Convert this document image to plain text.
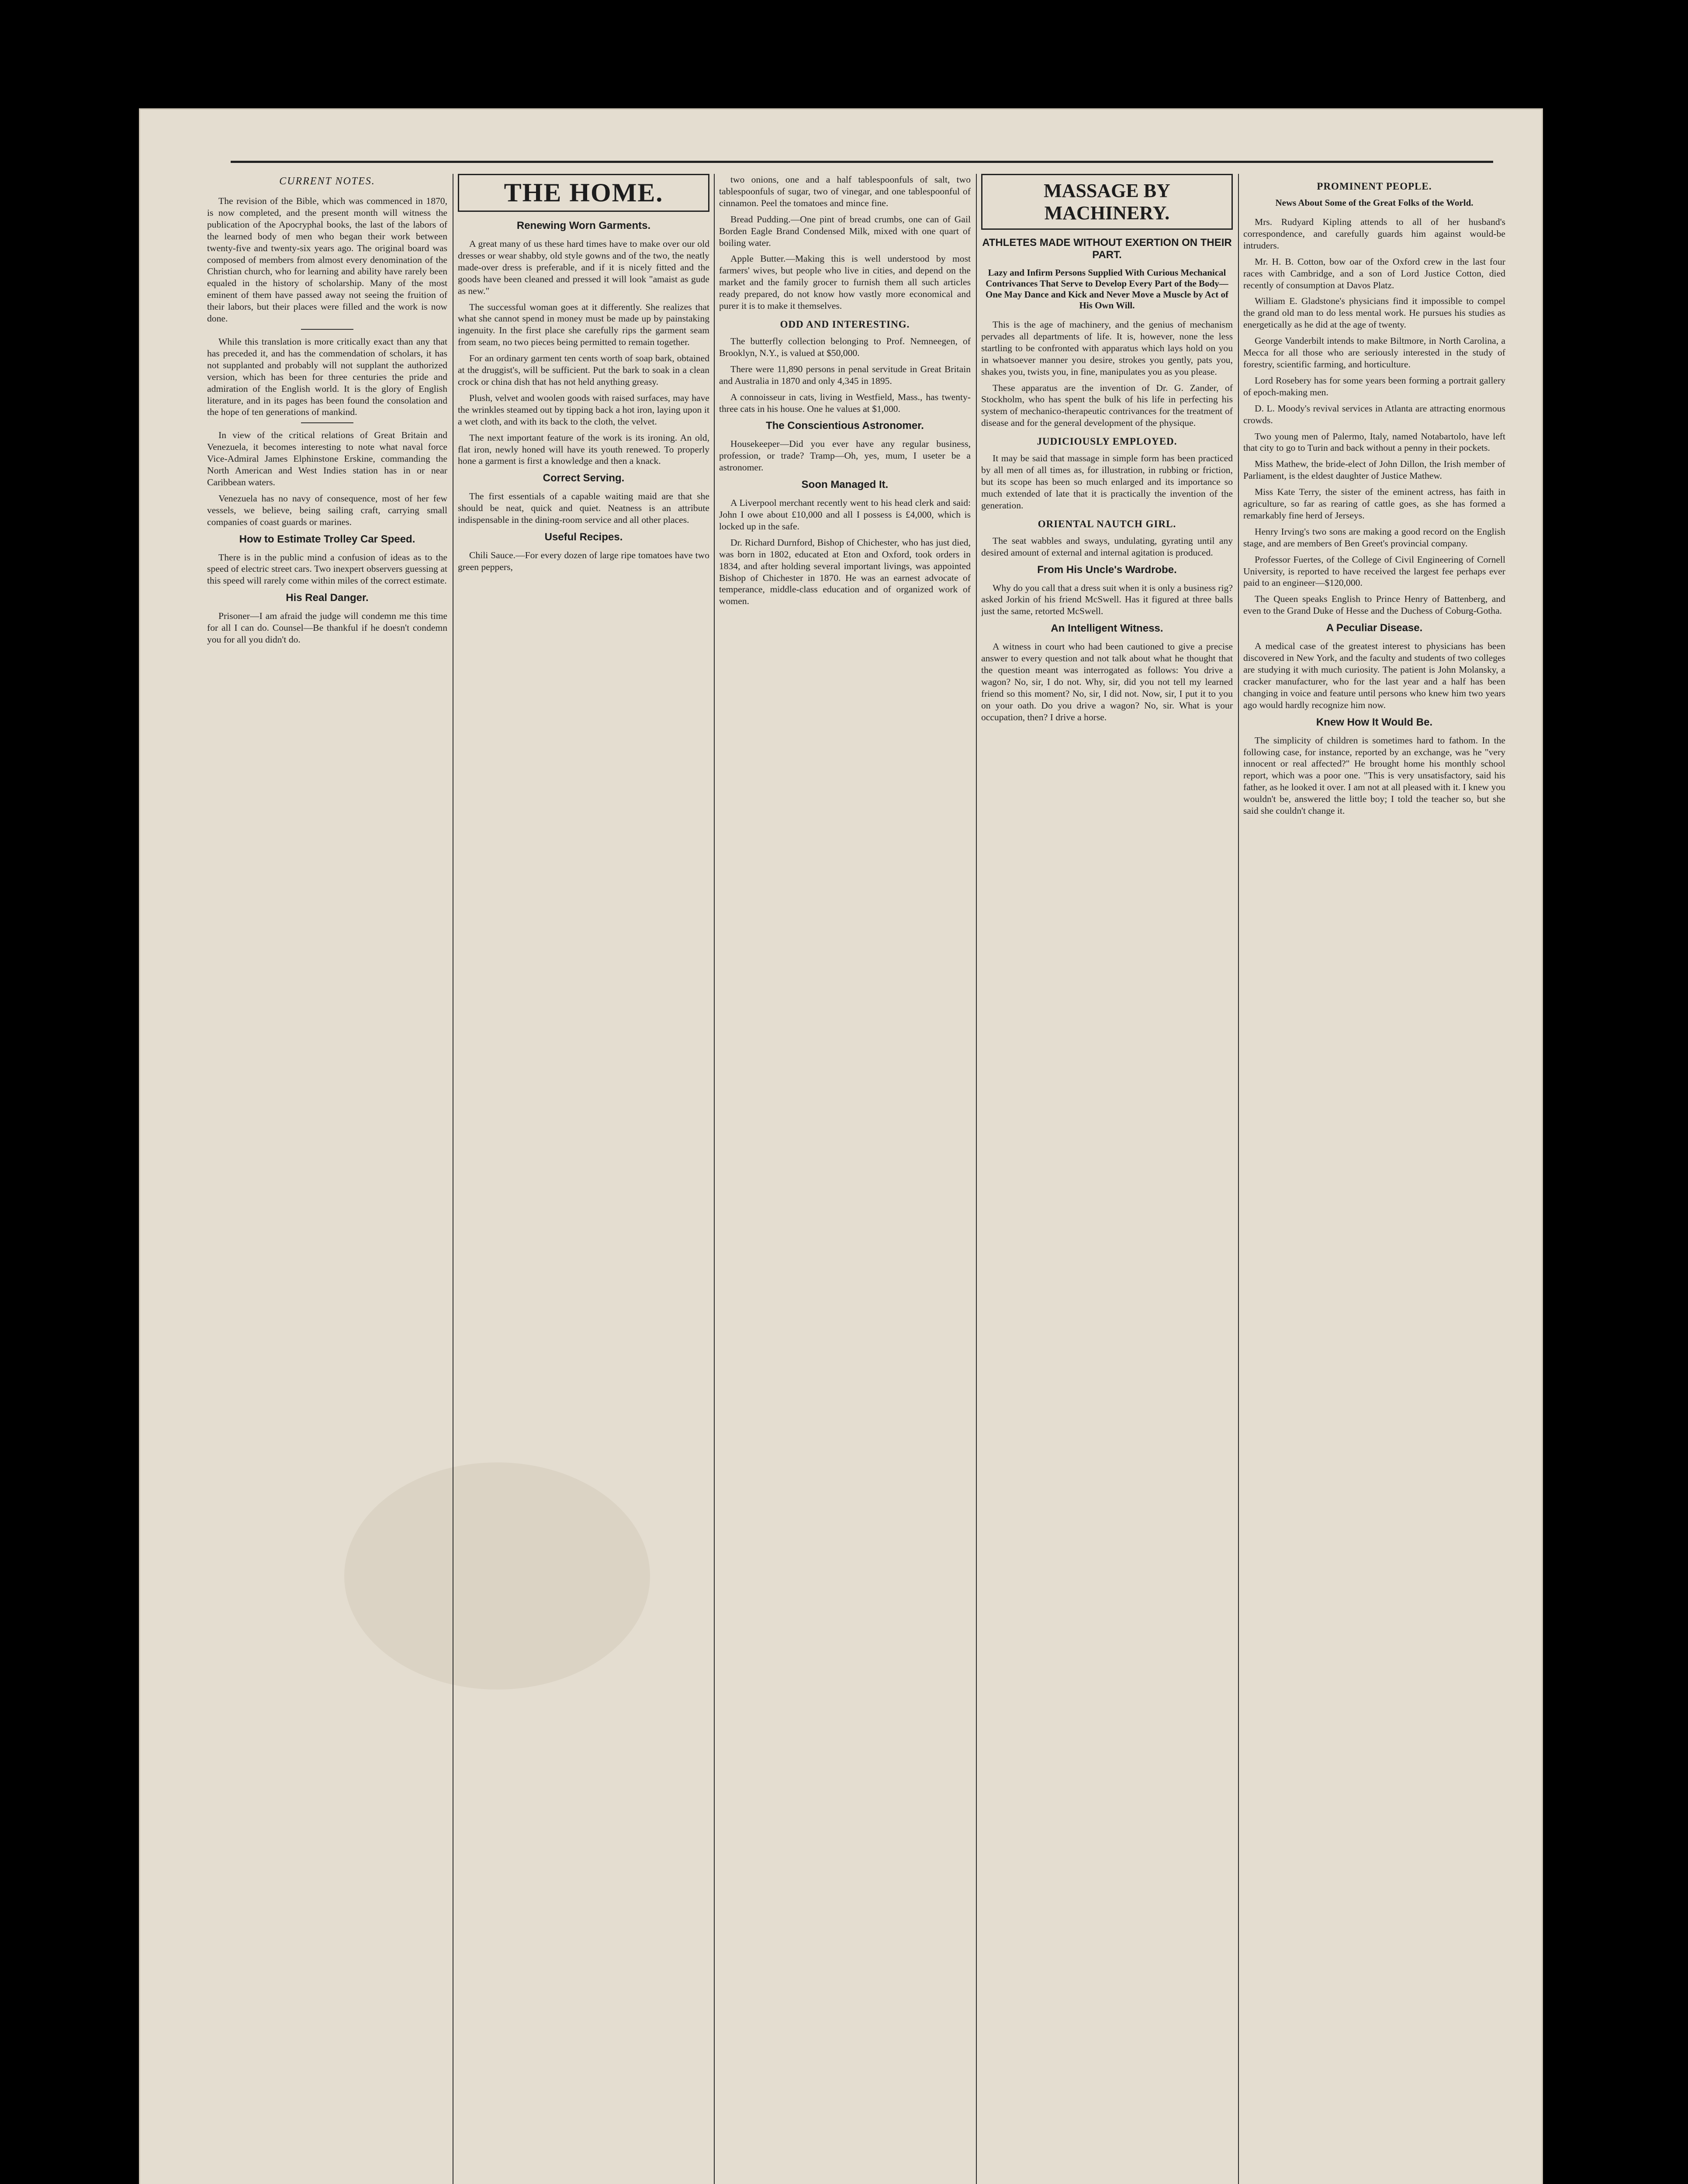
CURRENT NOTES.

The revision of the Bible, which was commenced in 1870, is now completed, and the present month will witness the publication of the Apocryphal books, the last of the labors of the learned body of men who began their work between twenty-five and twenty-six years ago. The original board was composed of members from almost every denomination of the Christian church, who for learning and ability have rarely been equaled in the history of scholarship. Many of the most eminent of them have passed away not seeing the fruition of their labors, but their places were filled and the work is now done.

While this translation is more critically exact than any that has preceded it, and has the commendation of scholars, it has not supplanted and probably will not supplant the authorized version, which has been for three centuries the pride and admiration of the English world. It is the glory of English literature, and in its pages has been found the consolation and the hope of ten generations of mankind.

In view of the critical relations of Great Britain and Venezuela, it becomes interesting to note what naval force Vice-Admiral James Elphinstone Erskine, commanding the North American and West Indies station has in or near Caribbean waters.

Venezuela has no navy of consequence, most of her few vessels, we believe, being sailing craft, carrying small companies of coast guards or marines.

How to Estimate Trolley Car Speed.

There is in the public mind a confusion of ideas as to the speed of electric street cars. Two inexpert observers guessing at this speed will rarely come within miles of the correct estimate.

His Real Danger.

Prisoner—I am afraid the judge will condemn me this time for all I can do. Counsel—Be thankful if he doesn't condemn you for all you didn't do.

THE HOME.
Renewing Worn Garments.

A great many of us these hard times have to make over our old dresses or wear shabby, old style gowns and of the two, the neatly made-over dress is preferable, and if it is nicely fitted and the goods have been cleaned and pressed it will look "amaist as gude as new."

The successful woman goes at it differently. She realizes that what she cannot spend in money must be made up by painstaking ingenuity. In the first place she carefully rips the garment seam from seam, no two pieces being permitted to remain together.

For an ordinary garment ten cents worth of soap bark, obtained at the druggist's, will be sufficient. Put the bark to soak in a clean crock or china dish that has not held anything greasy.

Plush, velvet and woolen goods with raised surfaces, may have the wrinkles steamed out by tipping back a hot iron, laying upon it a wet cloth, and with its back to the cloth, the velvet.

The next important feature of the work is its ironing. An old, flat iron, newly honed will have its youth renewed. To properly hone a garment is first a knowledge and then a knack.

Correct Serving.

The first essentials of a capable waiting maid are that she should be neat, quick and quiet. Neatness is an attribute indispensable in the dining-room service and all other places.

Useful Recipes.

Chili Sauce.—For every dozen of large ripe tomatoes have two green peppers,

two onions, one and a half tablespoonfuls of salt, two tablespoonfuls of sugar, two of vinegar, and one tablespoonful of cinnamon. Peel the tomatoes and mince fine.

Bread Pudding.—One pint of bread crumbs, one can of Gail Borden Eagle Brand Condensed Milk, mixed with one quart of boiling water.

Apple Butter.—Making this is well understood by most farmers' wives, but people who live in cities, and depend on the market and the family grocer to furnish them all such articles ready prepared, do not know how vastly more economical and purer it is to make it themselves.

ODD AND INTERESTING.

The butterfly collection belonging to Prof. Nemneegen, of Brooklyn, N.Y., is valued at $50,000.

There were 11,890 persons in penal servitude in Great Britain and Australia in 1870 and only 4,345 in 1895.

A connoisseur in cats, living in Westfield, Mass., has twenty-three cats in his house. One he values at $1,000.

The Conscientious Astronomer.

Housekeeper—Did you ever have any regular business, profession, or trade? Tramp—Oh, yes, mum, I useter be a astronomer.

Soon Managed It.

A Liverpool merchant recently went to his head clerk and said: John I owe about £10,000 and all I possess is £4,000, which is locked up in the safe.

Dr. Richard Durnford, Bishop of Chichester, who has just died, was born in 1802, educated at Eton and Oxford, took orders in 1834, and after holding several important livings, was appointed Bishop of Chichester in 1870. He was an earnest advocate of temperance, middle-class education and of organized work of women.

MASSAGE BY MACHINERY.
ATHLETES MADE WITHOUT EXERTION ON THEIR PART.
Lazy and Infirm Persons Supplied With Curious Mechanical Contrivances That Serve to Develop Every Part of the Body—One May Dance and Kick and Never Move a Muscle by Act of His Own Will.

This is the age of machinery, and the genius of mechanism pervades all departments of life. It is, however, none the less startling to be confronted with apparatus which lays hold on you in whatsoever manner you desire, strokes you gently, pats you, shakes you, twists you, in fine, manipulates you as you please.

These apparatus are the invention of Dr. G. Zander, of Stockholm, who has spent the bulk of his life in perfecting his system of mechanico-therapeutic contrivances for the treatment of disease and for the general development of the physique.

JUDICIOUSLY EMPLOYED.

It may be said that massage in simple form has been practiced by all men of all times as, for illustration, in rubbing or friction, but its scope has been so much enlarged and its importance so much extended of late that it is practically the invention of the generation.

ORIENTAL NAUTCH GIRL.

The seat wabbles and sways, undulating, gyrating until any desired amount of external and internal agitation is produced.

From His Uncle's Wardrobe.

Why do you call that a dress suit when it is only a business rig? asked Jorkin of his friend McSwell. Has it figured at three balls just the same, retorted McSwell.

An Intelligent Witness.

A witness in court who had been cautioned to give a precise answer to every question and not talk about what he thought that the question meant was interrogated as follows: You drive a wagon? No, sir, I do not. Why, sir, did you not tell my learned friend so this moment? No, sir, I did not. Now, sir, I put it to you on your oath. Do you drive a wagon? No, sir. What is your occupation, then? I drive a horse.

PROMINENT PEOPLE.
News About Some of the Great Folks of the World.

Mrs. Rudyard Kipling attends to all of her husband's correspondence, and carefully guards him against would-be intruders.

Mr. H. B. Cotton, bow oar of the Oxford crew in the last four races with Cambridge, and a son of Lord Justice Cotton, died recently of consumption at Davos Platz.

William E. Gladstone's physicians find it impossible to compel the grand old man to do less mental work. He pursues his studies as energetically as he did at the age of twenty.

George Vanderbilt intends to make Biltmore, in North Carolina, a Mecca for all those who are seriously interested in the study of forestry, scientific farming, and horticulture.

Lord Rosebery has for some years been forming a portrait gallery of epoch-making men.

D. L. Moody's revival services in Atlanta are attracting enormous crowds.

Two young men of Palermo, Italy, named Notabartolo, have left that city to go to Turin and back without a penny in their pockets.

Miss Mathew, the bride-elect of John Dillon, the Irish member of Parliament, is the eldest daughter of Justice Mathew.

Miss Kate Terry, the sister of the eminent actress, has faith in agriculture, so far as rearing of cattle goes, as she has formed a remarkably fine herd of Jerseys.

Henry Irving's two sons are making a good record on the English stage, and are members of Ben Greet's provincial company.

Professor Fuertes, of the College of Civil Engineering of Cornell University, is reported to have received the largest fee perhaps ever paid to an engineer—$120,000.

The Queen speaks English to Prince Henry of Battenberg, and even to the Grand Duke of Hesse and the Duchess of Coburg-Gotha.

A Peculiar Disease.

A medical case of the greatest interest to physicians has been discovered in New York, and the faculty and students of two colleges are studying it with much curiosity. The patient is John Molansky, a cracker manufacturer, who for the last year and a half has been changing in voice and feature until persons who knew him two years ago would hardly recognize him now.

Knew How It Would Be.

The simplicity of children is sometimes hard to fathom. In the following case, for instance, reported by an exchange, was he "very innocent or real affected?" He brought home his monthly school report, which was a poor one. "This is very unsatisfactory, said his father, as he looked it over. I am not at all pleased with it. I knew you wouldn't be, answered the little boy; I told the teacher so, but she said she couldn't change it.
